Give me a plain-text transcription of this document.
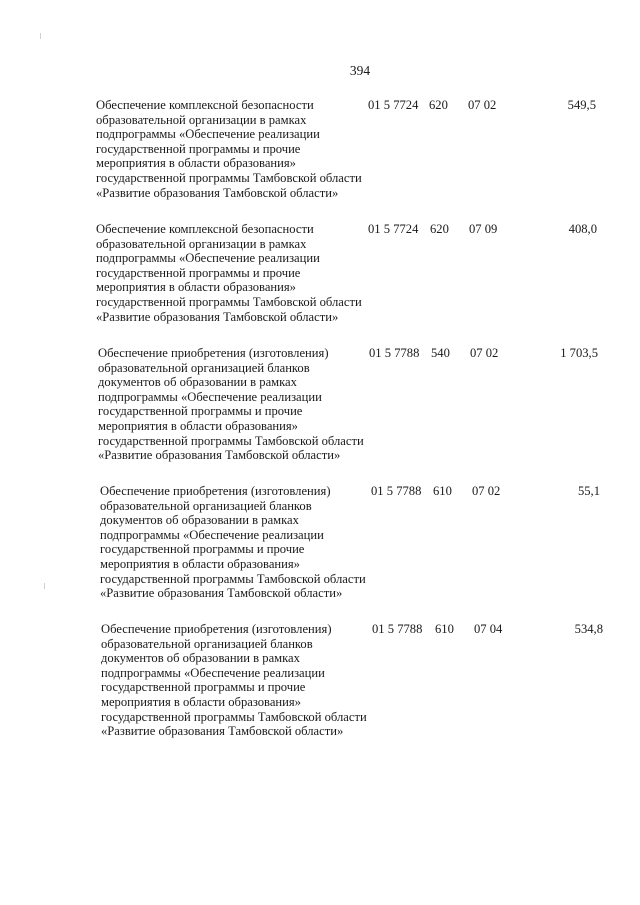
394
Обеспечение комплексной безопасности образовательной организации в рамках подпрограммы «Обеспечение реализации государственной программы и прочие мероприятия в области образования» государственной программы Тамбовской области «Развитие образования Тамбовской области»
01 5 7724 620	07 02	549,5
Обеспечение комплексной безопасности образовательной организации в рамках подпрограммы «Обеспечение реализации государственной программы и прочие мероприятия в области образования» государственной программы Тамбовской области «Развитие образования Тамбовской области»
01 5 7724 620	07 09	408,0
Обеспечение приобретения (изготовления) образовательной организацией бланков документов об образовании в рамках подпрограммы «Обеспечение реализации государственной программы и прочие мероприятия в области образования» государственной программы Тамбовской области «Развитие образования Тамбовской области»
01 5 7788 540	07 02	1 703,5
Обеспечение приобретения (изготовления) образовательной организацией бланков документов об образовании в рамках подпрограммы «Обеспечение реализации государственной программы и прочие мероприятия в области образования» государственной программы Тамбовской области «Развитие образования Тамбовской области»
01 5 7788 610	07 02	55,1
Обеспечение приобретения (изготовления) образовательной организацией бланков документов об образовании в рамках подпрограммы «Обеспечение реализации государственной программы и прочие мероприятия в области образования» государственной программы Тамбовской области «Развитие образования Тамбовской области»
01 5 7788	610	07 04	534,8
